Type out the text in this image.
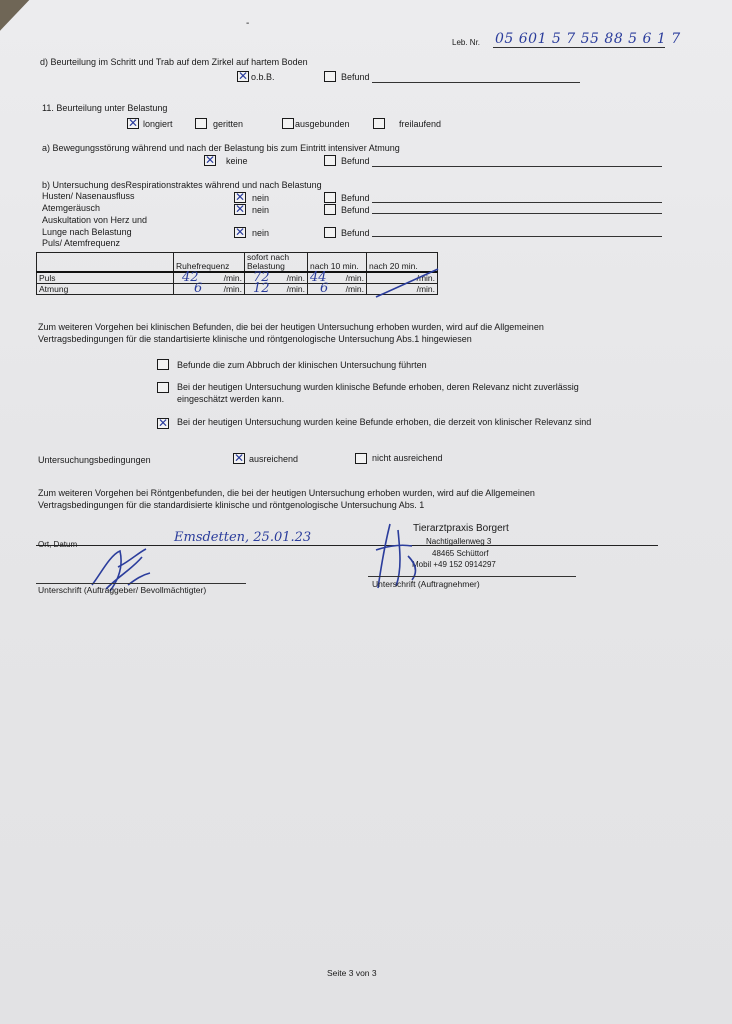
-
Leb. Nr. 05 601 5 7 55 88 5 6 1 7
d) Beurteilung im Schritt und Trab auf dem Zirkel auf hartem Boden
✕
o.b.B.	Befund
11. Beurteilung unter Belastung
✕
longiert	geritten	ausgebunden	freilaufend
a) Bewegungsstörung während und nach der Belastung bis zum Eintritt intensiver Atmung
✕
keine	Befund
b) Untersuchung desRespirationstraktes während und nach Belastung
Husten/ Nasenausfluss ✕	nein	Befund
Atemgeräusch ✕	nein	Befund
Auskultation von Herz und
Lunge nach Belastung ✕	nein	Befund
Puls/ Atemfrequenz
	Ruhefrequenz	sofort nach Belastung	nach 10 min.	nach 20 min.
Puls	42 /min.	72 /min.	44 /min.	/min.

Atmung	6 /min.	12 /min.	6 /min.	/min.
Zum weiteren Vorgehen bei klinischen Befunden, die bei der heutigen Untersuchung erhoben wurden, wird auf die Allgemeinen Vertragsbedingungen für die standartisierte klinische und röntgenologische Untersuchung Abs.1 hingewiesen
Befunde die zum Abbruch der klinischen Untersuchung führten
Bei der heutigen Untersuchung wurden klinische Befunde erhoben, deren Relevanz nicht zuverlässig eingeschätzt werden kann.
✕
Bei der heutigen Untersuchung wurden keine Befunde erhoben, die derzeit von klinischer Relevanz sind
Untersuchungsbedingungen ✕	ausreichend	nicht ausreichend
Zum weiteren Vorgehen bei Röntgenbefunden, die bei der heutigen Untersuchung erhoben wurden, wird auf die Allgemeinen Vertragsbedingungen für die standardisierte klinische und röntgenologische Untersuchung Abs. 1
Emsdetten, 25.01.23
Ort, Datum
Tierarztpraxis Borgert
Nachtigallenweg 3
48465 Schüttorf
Mobil +49 152 0914297
Unterschrift (Auftraggeber/ Bevollmächtigter)
Unterschrift (Auftragnehmer)
Seite 3 von 3
